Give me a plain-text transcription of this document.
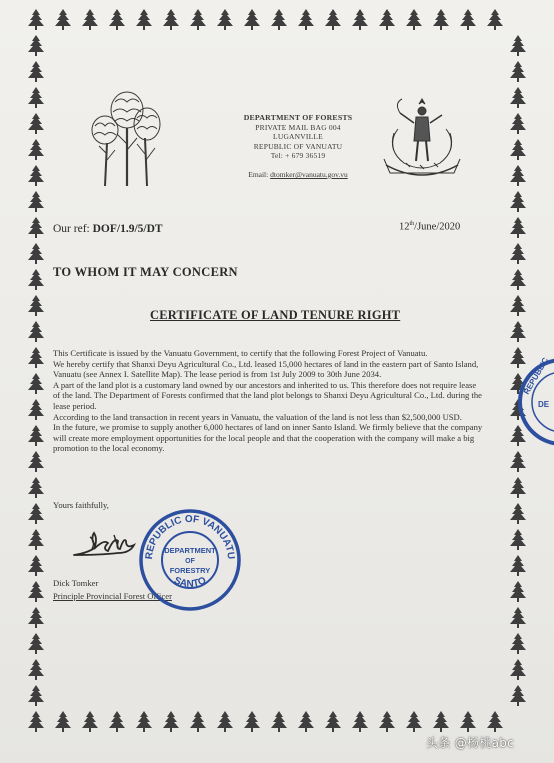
DEPARTMENT OF FORESTS
PRIVATE MAIL BAG 004
LUGANVILLE
REPUBLIC OF VANUATU
Tel: + 679 36519
Email: dtomker@vanuatu.gov.vu
Our ref: DOF/1.9/5/DT	12th/June/2020
TO WHOM IT MAY CONCERN
CERTIFICATE OF LAND TENURE RIGHT

This Certificate is issued by the Vanuatu Government, to certify that the following Forest Project of Vanuatu.

We hereby certify that Shanxi Deyu Agricultural Co., Ltd. leased 15,000 hectares of land in the eastern part of Santo Island, Vanuatu (see Annex I. Satellite Map). The lease period is from 1st July 2009 to 30th June 2034.

A part of the land plot is a customary land owned by our ancestors and inherited to us. This therefore does not require lease of the land. The Department of Forests confirmed that the land plot belongs to Shanxi Deyu Agricultural Co., Ltd. during the lease period.

According to the land transaction in recent years in Vanuatu, the valuation of the land is not less than $2,500,000 USD.

In the future, we promise to supply another 6,000 hectares of land on inner Santo Island. We firmly believe that the company will create more employment opportunities for the local people and that the cooperation with the company will make a big promotion to the local economy.

Yours faithfully,
Dick Tomker
Principle Provincial Forest Officer
REPUBLIC OF VANUATU
SANTO
DEPARTMENT
OF
FORESTRY
REPUBLIC
DE
头条 @杨桃abc
